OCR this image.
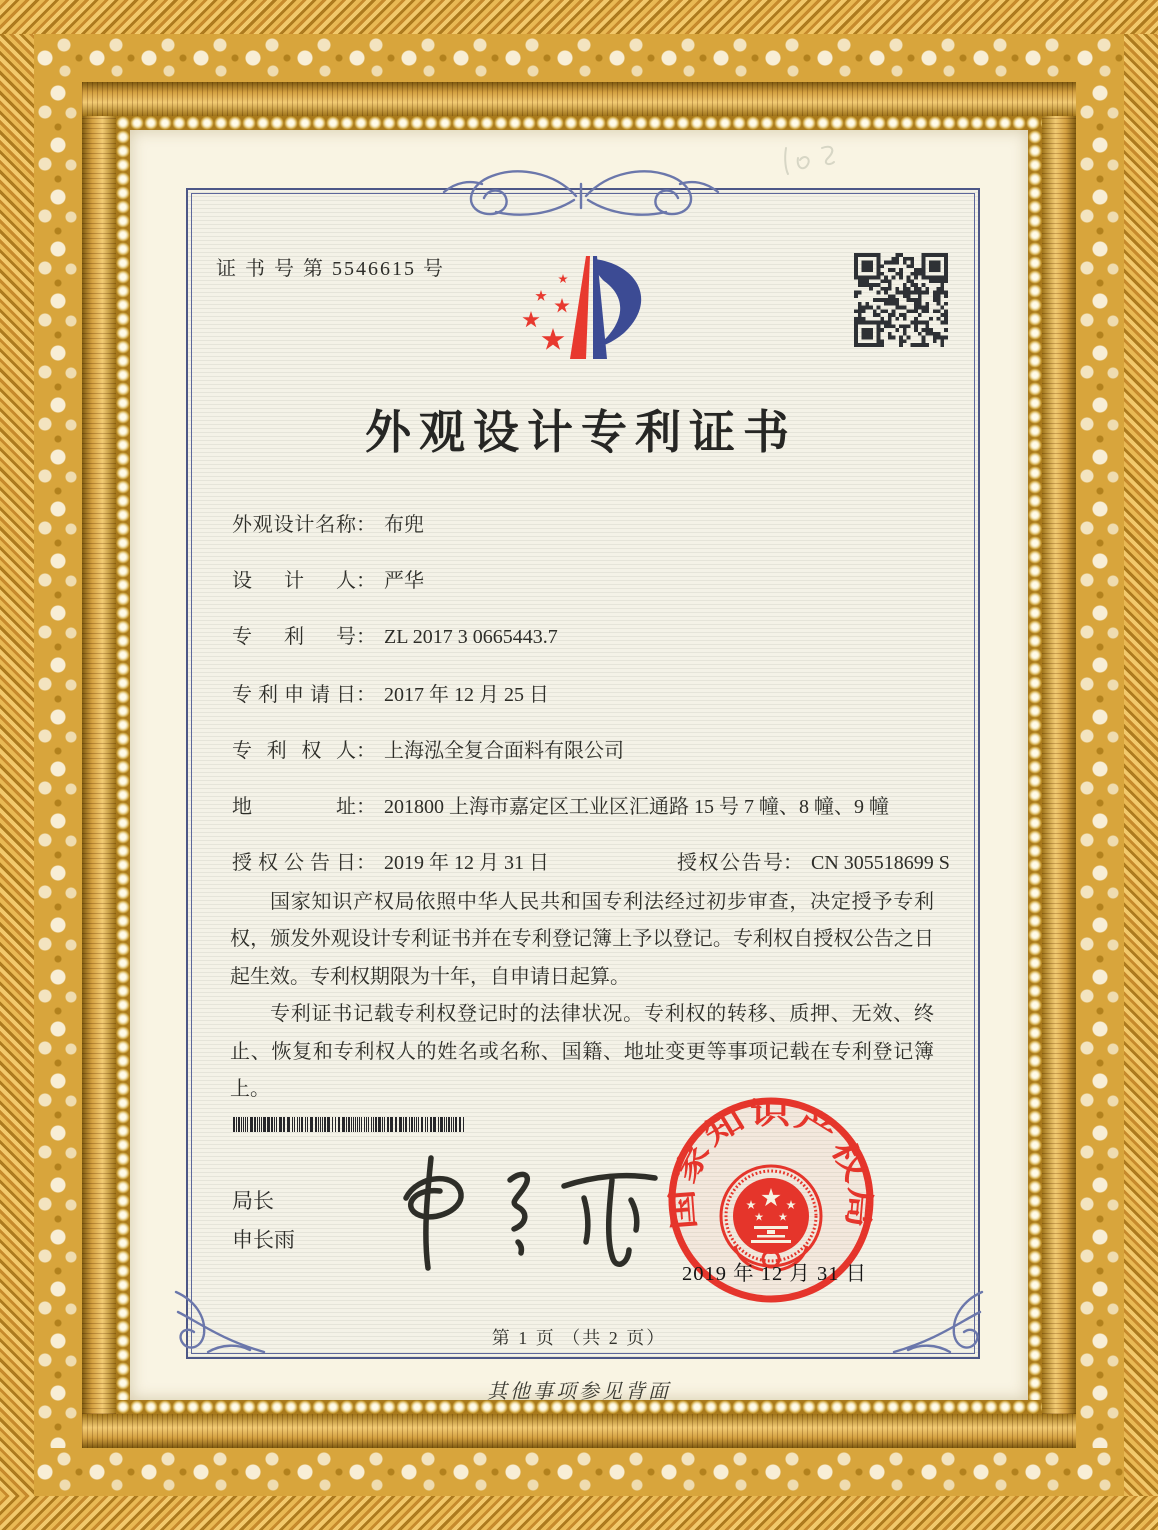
证 书 号 第 5546615 号
外观设计专利证书
外观设计名称： 布兜
设　计　人： 严华
专　利　号： ZL 2017 3 0665443.7
专利申请日： 2017 年 12 月 25 日
专 利 权 人： 上海泓全复合面料有限公司
地　　　址： 201800 上海市嘉定区工业区汇通路 15 号 7 幢、8 幢、9 幢
授权公告日： 2019 年 12 月 31 日	授权公告号： CN 305518699 S

国家知识产权局依照中华人民共和国专利法经过初步审查，决定授予专利权，颁发外观设计专利证书并在专利登记簿上予以登记。专利权自授权公告之日起生效。专利权期限为十年，自申请日起算。

专利证书记载专利权登记时的法律状况。专利权的转移、质押、无效、终止、恢复和专利权人的姓名或名称、国籍、地址变更等事项记载在专利登记簿上。

局长
申长雨
国家知识产权局
2019 年 12 月 31 日
第 1 页 （共 2 页）
其他事项参见背面
